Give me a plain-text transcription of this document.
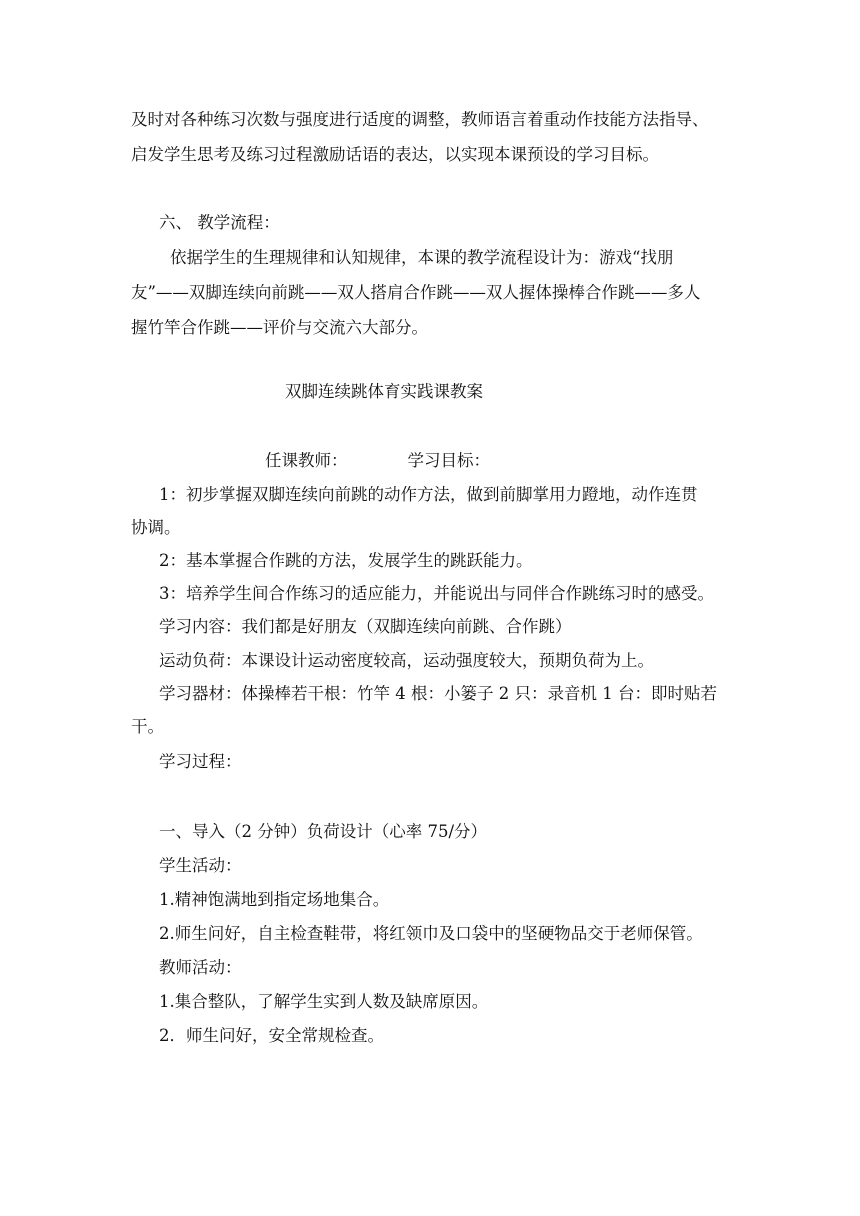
及时对各种练习次数与强度进行适度的调整，教师语言着重动作技能方法指导、
启发学生思考及练习过程激励话语的表达，以实现本课预设的学习目标。
六、 教学流程：
依据学生的生理规律和认知规律，本课的教学流程设计为：游戏“找朋
友”——双脚连续向前跳——双人搭肩合作跳——双人握体操棒合作跳——多人
握竹竿合作跳——评价与交流六大部分。
双脚连续跳体育实践课教案
任课教师：	学习目标：
1：初步掌握双脚连续向前跳的动作方法，做到前脚掌用力蹬地，动作连贯
协调。
2：基本掌握合作跳的方法，发展学生的跳跃能力。
3：培养学生间合作练习的适应能力，并能说出与同伴合作跳练习时的感受。
学习内容：我们都是好朋友（双脚连续向前跳、合作跳）
运动负荷：本课设计运动密度较高，运动强度较大，预期负荷为上。
学习器材：体操棒若干根：竹竿 4 根：小篓子 2 只：录音机 1 台：即时贴若
干。
学习过程：
一、导入（2 分钟）负荷设计（心率 75/分）
学生活动：
1.精神饱满地到指定场地集合。
2.师生问好，自主检查鞋带，将红领巾及口袋中的坚硬物品交于老师保管。
教师活动：
1.集合整队，了解学生实到人数及缺席原因。
2．师生问好，安全常规检查。
